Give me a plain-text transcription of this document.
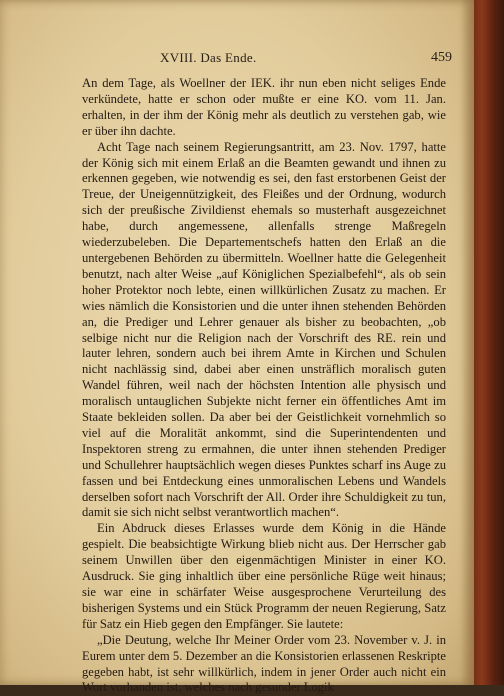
XVIII. Das Ende.	459

An dem Tage, als Woellner der IEK. ihr nun eben nicht seliges Ende verkündete, hatte er schon oder mußte er eine KO. vom 11. Jan. erhalten, in der ihm der König mehr als deutlich zu verstehen gab, wie er über ihn dachte.

Acht Tage nach seinem Regierungsantritt, am 23. Nov. 1797, hatte der König sich mit einem Erlaß an die Beamten gewandt und ihnen zu erkennen gegeben, wie notwendig es sei, den fast erstorbenen Geist der Treue, der Uneigennützigkeit, des Fleißes und der Ordnung, wodurch sich der preußische Zivildienst ehemals so musterhaft ausgezeichnet habe, durch angemessene, allenfalls strenge Maßregeln wiederzubeleben. Die Departementschefs hatten den Erlaß an die untergebenen Behörden zu übermitteln. Woellner hatte die Gelegenheit benutzt, nach alter Weise „auf Königlichen Spezialbefehl“, als ob sein hoher Protektor noch lebte, einen willkürlichen Zusatz zu machen. Er wies nämlich die Konsistorien und die unter ihnen stehenden Behörden an, die Prediger und Lehrer genauer als bisher zu beobachten, „ob selbige nicht nur die Religion nach der Vorschrift des RE. rein und lauter lehren, sondern auch bei ihrem Amte in Kirchen und Schulen nicht nachlässig sind, dabei aber einen unsträflich moralisch guten Wandel führen, weil nach der höchsten Intention alle physisch und moralisch untauglichen Subjekte nicht ferner ein öffentliches Amt im Staate bekleiden sollen. Da aber bei der Geistlichkeit vornehmlich so viel auf die Moralität ankommt, sind die Superintendenten und Inspektoren streng zu ermahnen, die unter ihnen stehenden Prediger und Schullehrer hauptsächlich wegen dieses Punktes scharf ins Auge zu fassen und bei Entdeckung eines unmoralischen Lebens und Wandels derselben sofort nach Vorschrift der All. Order ihre Schuldigkeit zu tun, damit sie sich nicht selbst verantwortlich machen“.

Ein Abdruck dieses Erlasses wurde dem König in die Hände gespielt. Die beabsichtigte Wirkung blieb nicht aus. Der Herrscher gab seinem Unwillen über den eigenmächtigen Minister in einer KO. Ausdruck. Sie ging inhaltlich über eine persönliche Rüge weit hinaus; sie war eine in schärfater Weise ausgesprochene Verurteilung des bisherigen Systems und ein Stück Programm der neuen Regierung, Satz für Satz ein Hieb gegen den Empfänger. Sie lautete:

„Die Deutung, welche Ihr Meiner Order vom 23. November v. J. in Eurem unter dem 5. Dezember an die Konsistorien erlassenen Reskripte gegeben habt, ist sehr willkürlich, indem in jener Order auch nicht ein Wort vorhanden ist, welches nach gesunder Logik
